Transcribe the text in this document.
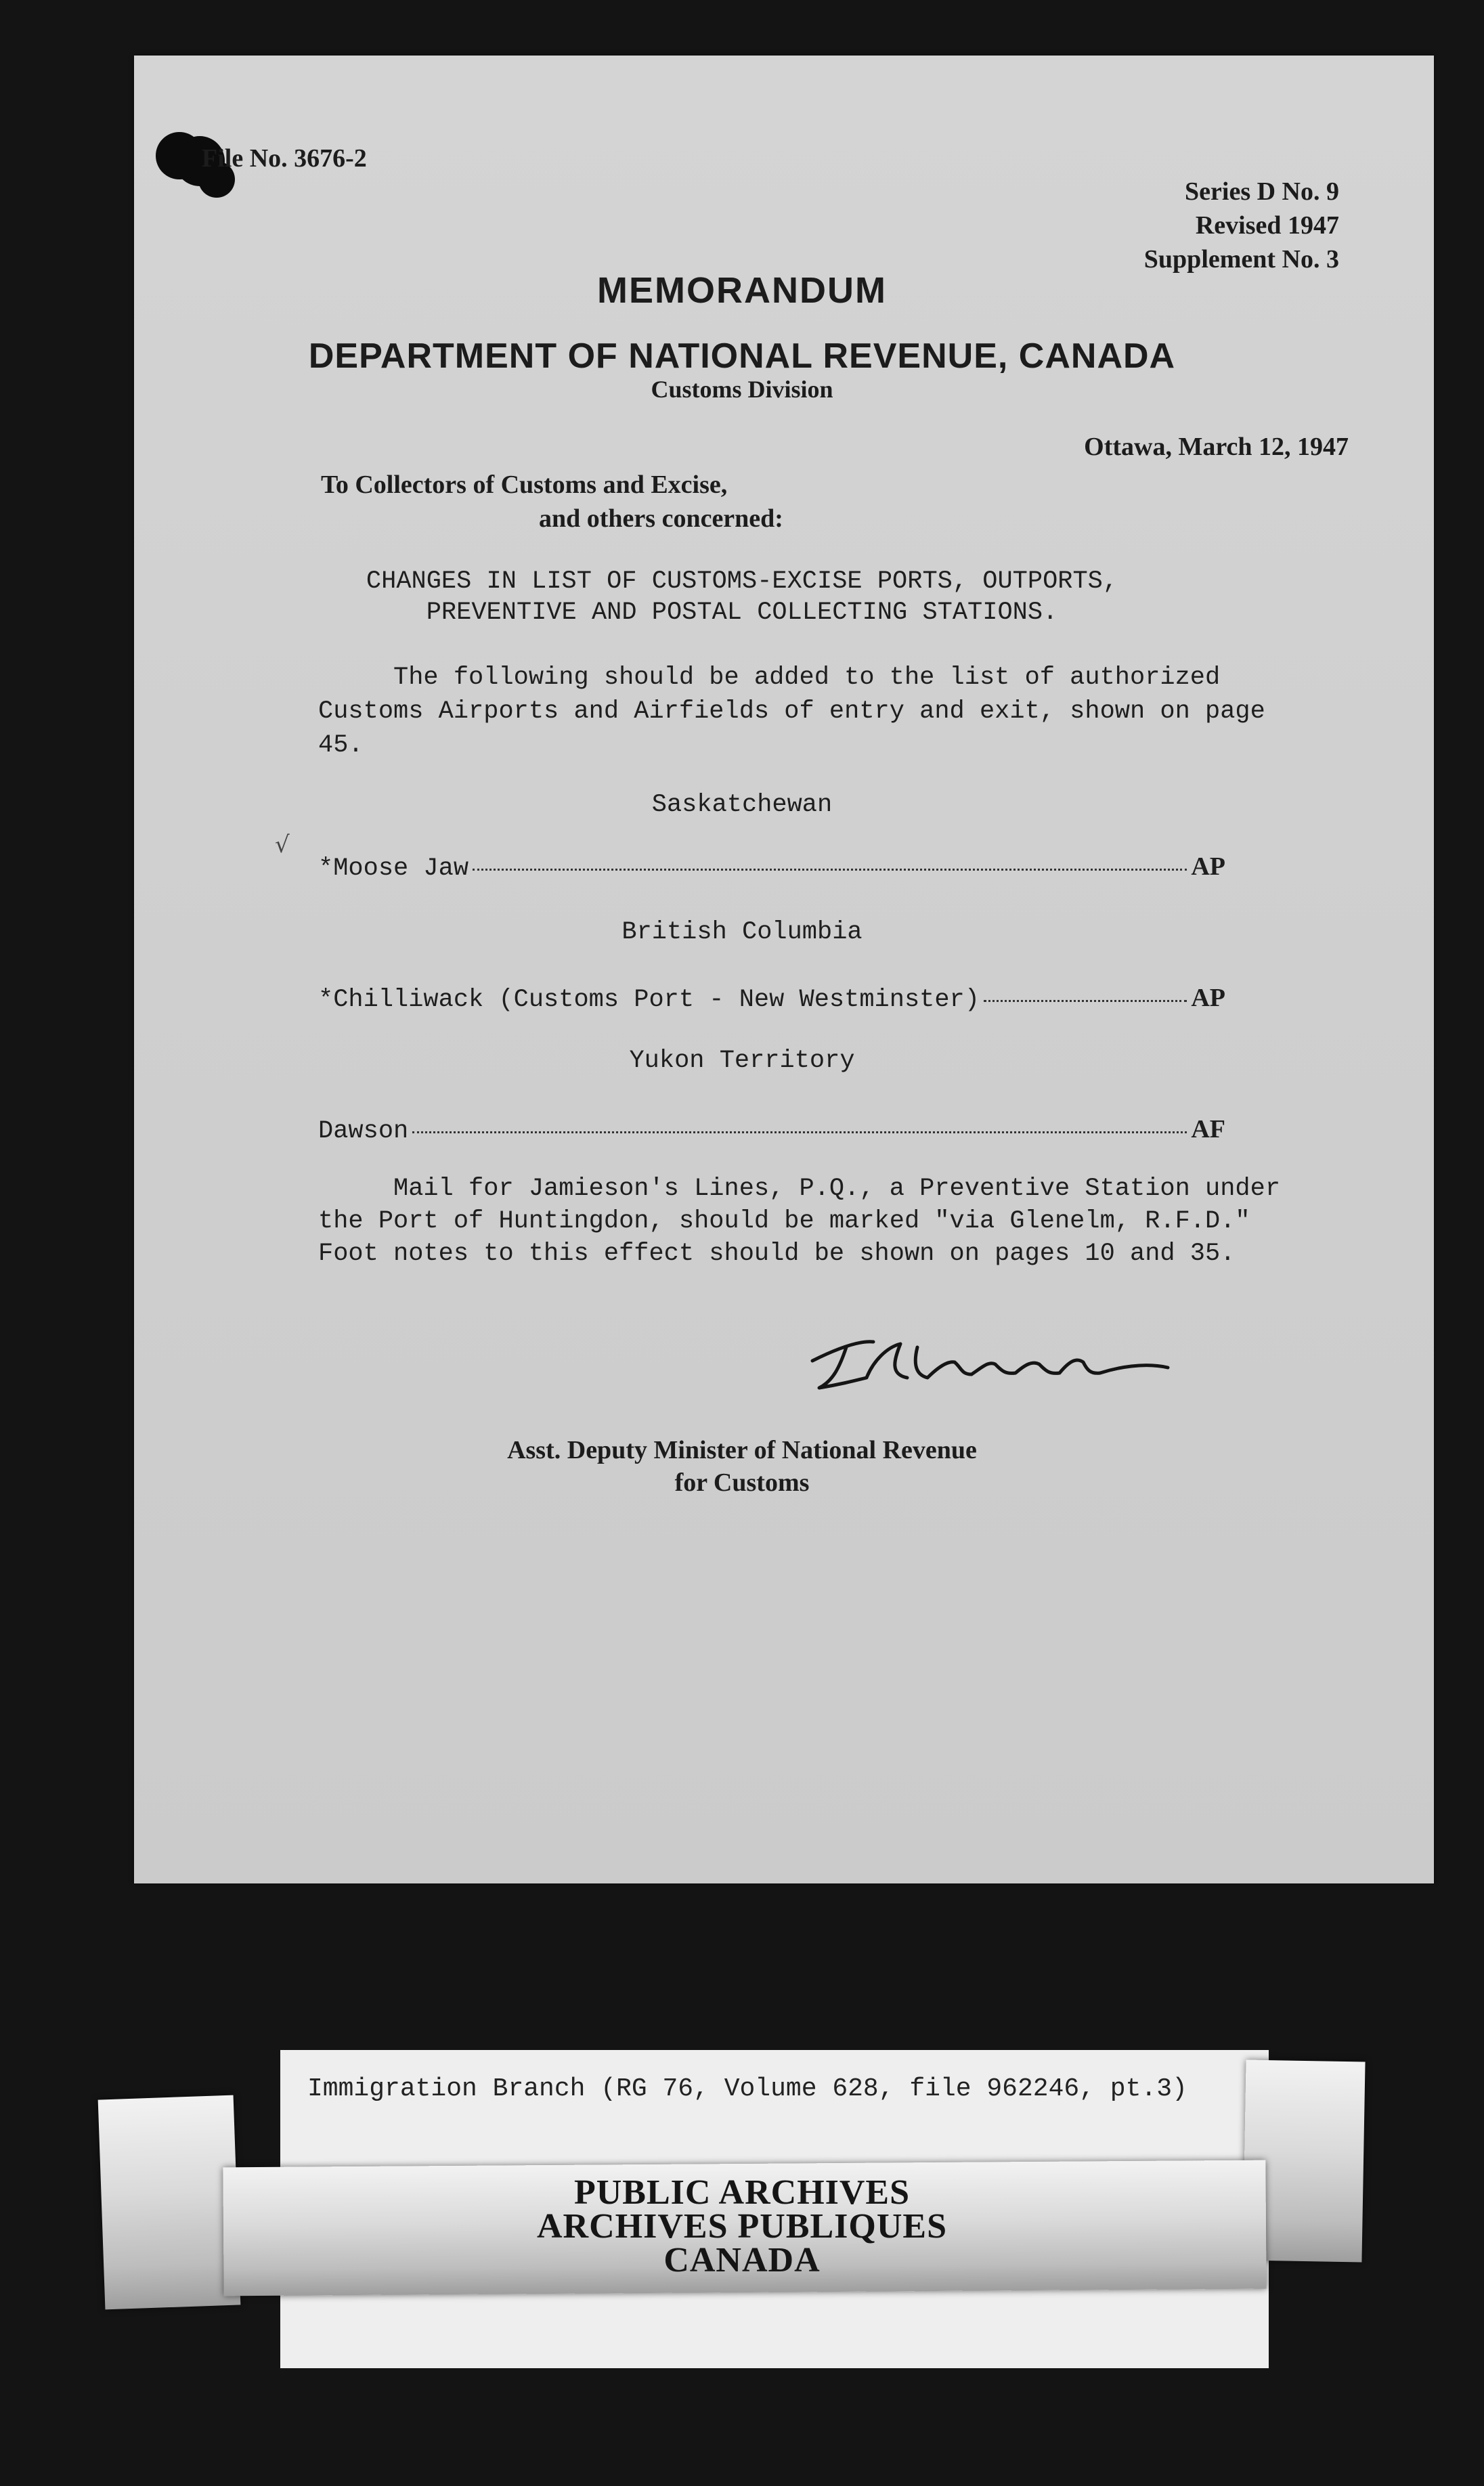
File No. 3676-2
Series D No. 9
Revised 1947
Supplement No. 3
MEMORANDUM
DEPARTMENT OF NATIONAL REVENUE, CANADA
Customs Division
Ottawa, March 12, 1947
To Collectors of Customs and Excise,
and others concerned:
CHANGES IN LIST OF CUSTOMS-EXCISE PORTS, OUTPORTS,
PREVENTIVE AND POSTAL COLLECTING STATIONS.
The following should be added to the list of authorized
Customs Airports and Airfields of entry and exit, shown on page
45.
Saskatchewan
√
*Moose Jaw	AP
British Columbia
*Chilliwack (Customs Port - New Westminster)	AP
Yukon Territory
Dawson	AF
Mail for Jamieson's Lines, P.Q., a Preventive Station under
the Port of Huntingdon, should be marked "via Glenelm, R.F.D."
Foot notes to this effect should be shown on pages 10 and 35.
Asst. Deputy Minister of National Revenue
for Customs
Immigration Branch (RG 76, Volume 628, file 962246, pt.3)
PUBLIC ARCHIVES
ARCHIVES PUBLIQUES
CANADA
